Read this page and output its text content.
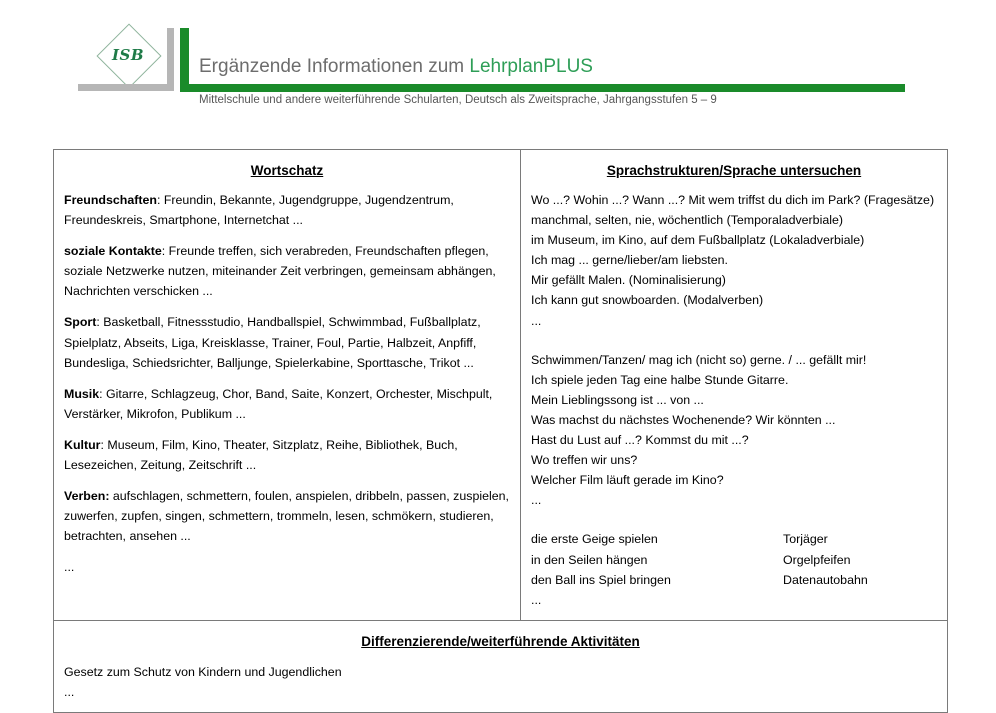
ISB
Ergänzende Informationen zum LehrplanPLUS
Mittelschule und andere weiterführende Schularten, Deutsch als Zweitsprache, Jahrgangsstufen 5 – 9
Wortschatz
Freundschaften: Freundin, Bekannte, Jugendgruppe, Jugendzentrum, Freundeskreis, Smartphone, Internetchat ...
soziale Kontakte: Freunde treffen, sich verabreden, Freundschaften pflegen, soziale Netzwerke nutzen, miteinander Zeit verbringen, gemeinsam abhängen, Nachrichten verschicken ...
Sport: Basketball, Fitnessstudio, Handballspiel, Schwimmbad, Fußballplatz, Spielplatz, Abseits, Liga, Kreisklasse, Trainer, Foul, Partie, Halbzeit, Anpfiff, Bundesliga, Schiedsrichter, Balljunge, Spielerkabine, Sporttasche, Trikot ...
Musik: Gitarre, Schlagzeug, Chor, Band, Saite, Konzert, Orchester, Mischpult, Verstärker, Mikrofon, Publikum ...
Kultur: Museum, Film, Kino, Theater, Sitzplatz, Reihe, Bibliothek, Buch, Lesezeichen, Zeitung, Zeitschrift ...
Verben: aufschlagen, schmettern, foulen, anspielen, dribbeln, passen, zuspielen, zuwerfen, zupfen, singen, schmettern, trommeln, lesen, schmökern, studieren, betrachten, ansehen ...
...

Sprachstrukturen/Sprache untersuchen

Wo ...? Wohin ...? Wann ...? Mit wem triffst du dich im Park? (Fragesätze)

manchmal, selten, nie, wöchentlich (Temporaladverbiale)

im Museum, im Kino, auf dem Fußballplatz (Lokaladverbiale)

Ich mag ... gerne/lieber/am liebsten.

Mir gefällt Malen. (Nominalisierung)

Ich kann gut snowboarden. (Modalverben)

...

Schwimmen/Tanzen/ mag ich (nicht so) gerne. / ... gefällt mir!

Ich spiele jeden Tag eine halbe Stunde Gitarre.

Mein Lieblingssong ist ... von ...

Was machst du nächstes Wochenende? Wir könnten ...

Hast du Lust auf ...? Kommst du mit ...?

Wo treffen wir uns?

Welcher Film läuft gerade im Kino?

...

die erste Geige spielen	Torjäger
in den Seilen hängen	Orgelpfeifen
den Ball ins Spiel bringen	Datenautobahn

...

Differenzierende/weiterführende Aktivitäten

Gesetz zum Schutz von Kindern und Jugendlichen

...
